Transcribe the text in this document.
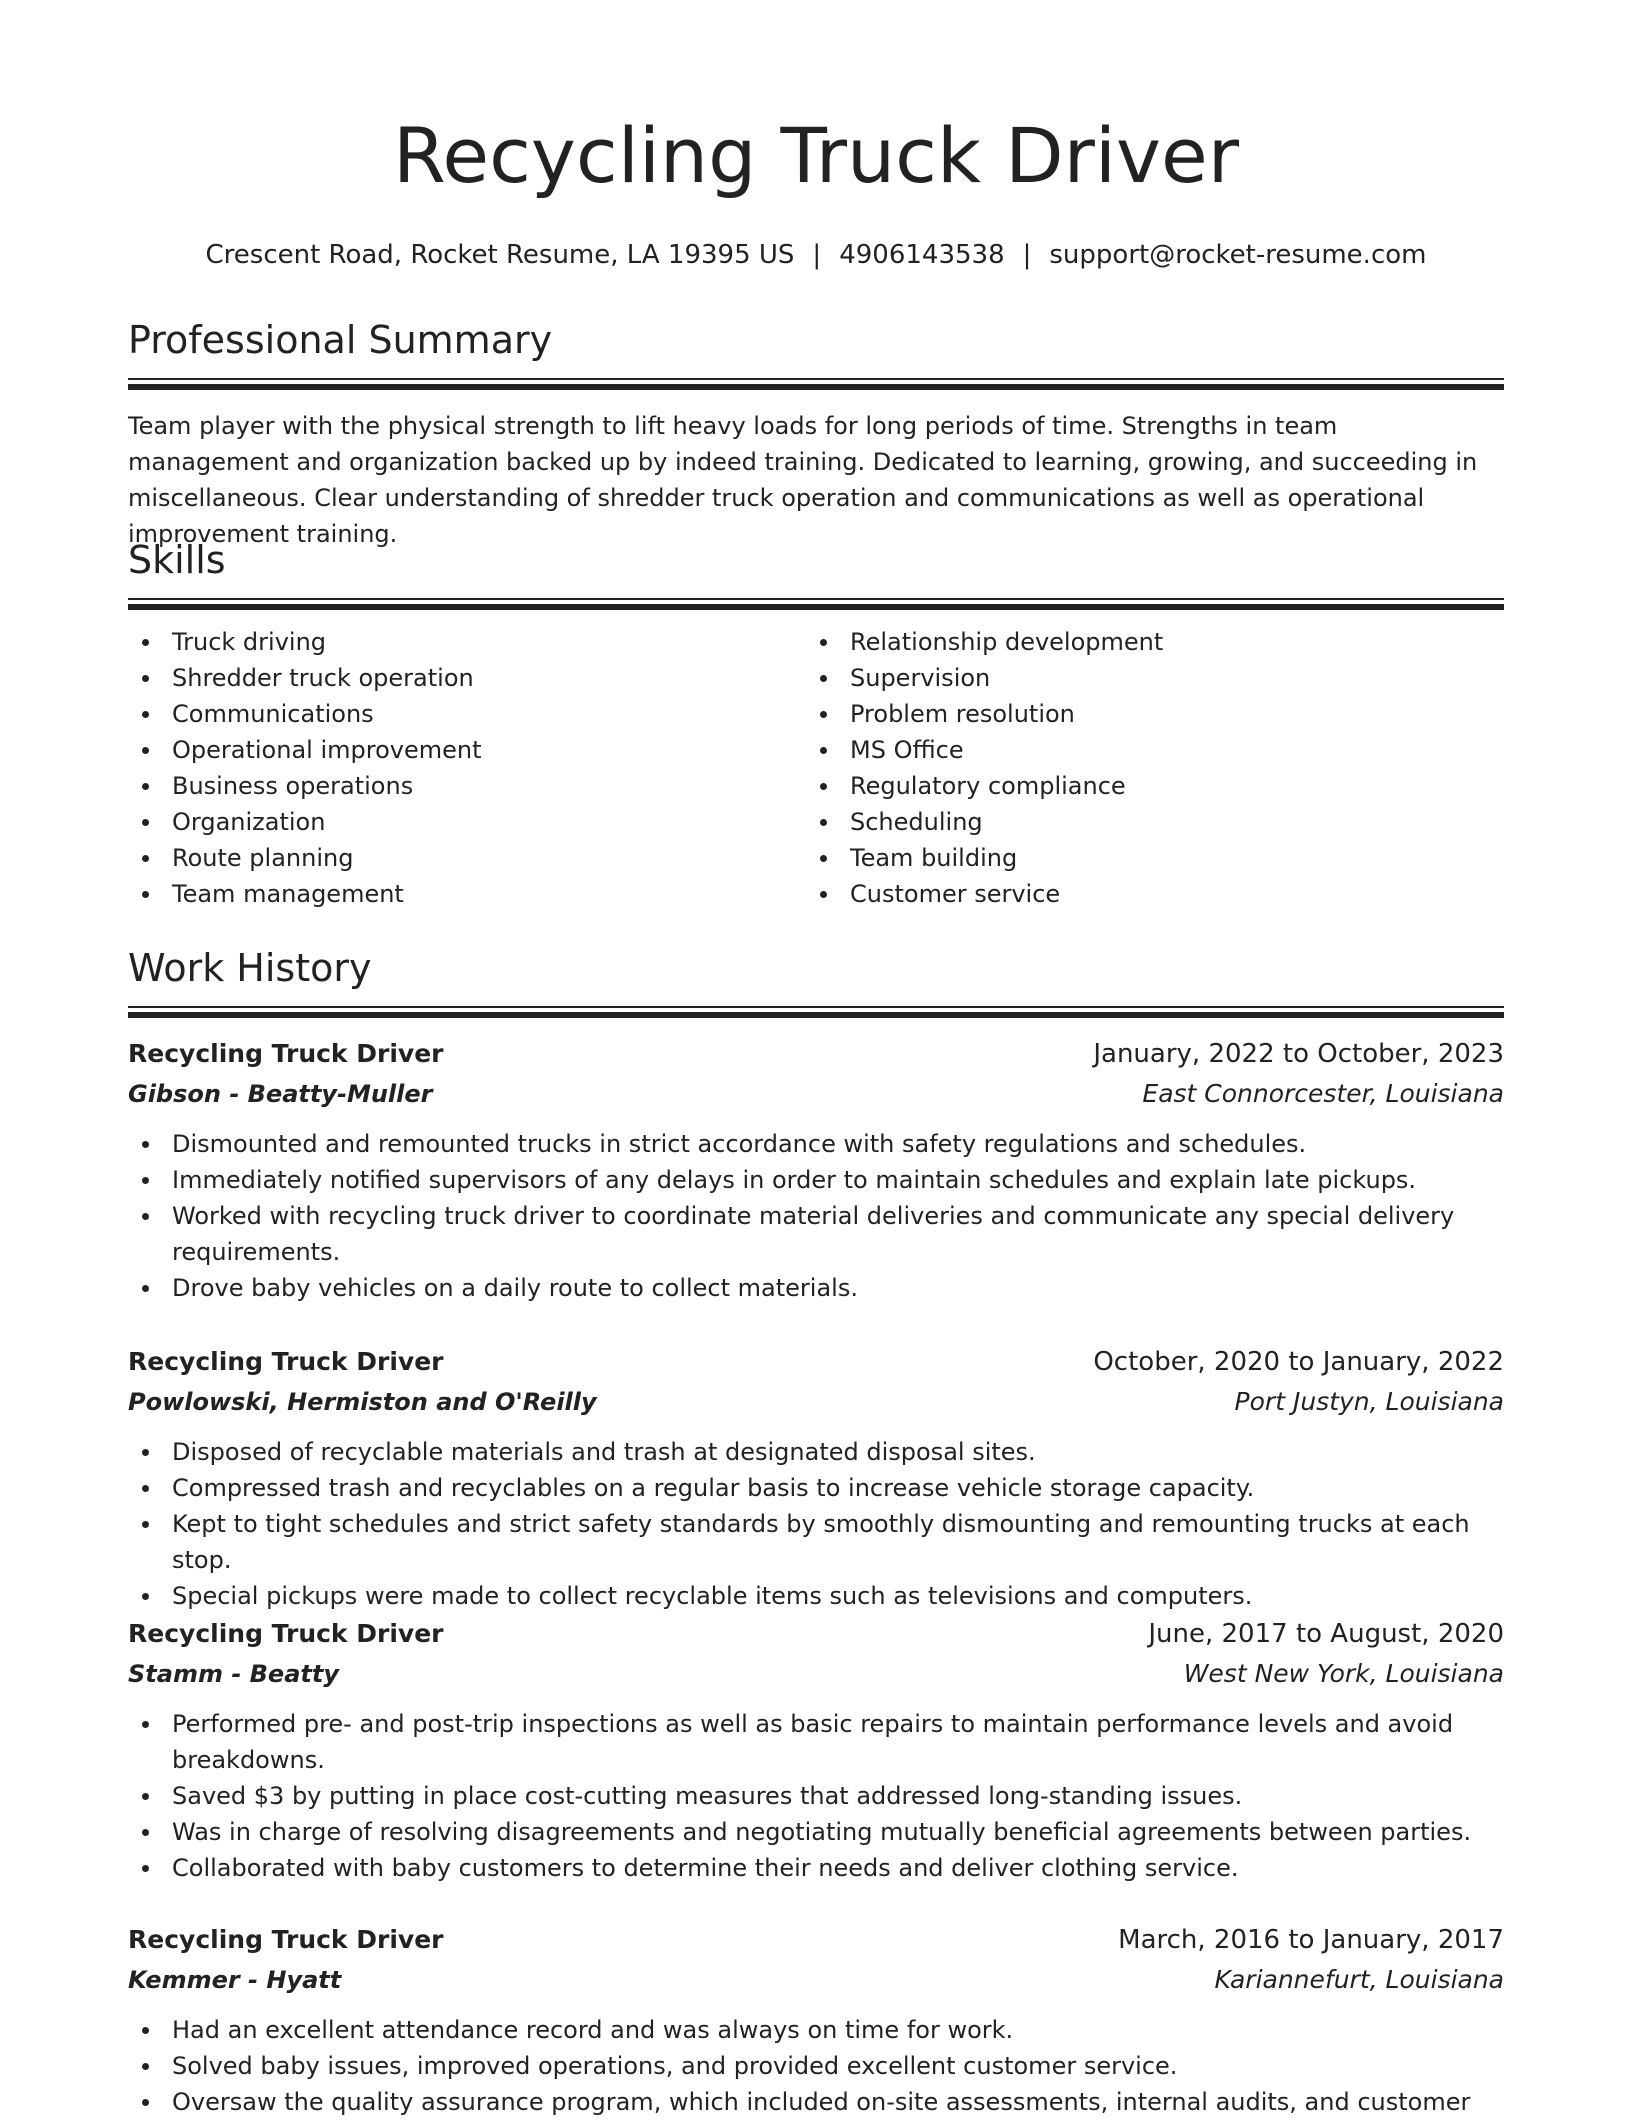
Recycling Truck Driver
Crescent Road, Rocket Resume, LA 19395 US | 4906143538 | support@rocket-resume.com
Professional Summary

Team player with the physical strength to lift heavy loads for long periods of time. Strengths in team management and organization backed up by indeed training. Dedicated to learning, growing, and succeeding in miscellaneous. Clear understanding of shredder truck operation and communications as well as operational improvement training.

Skills
Truck driving
Shredder truck operation
Communications
Operational improvement
Business operations
Organization
Route planning
Team management
Relationship development
Supervision
Problem resolution
MS Office
Regulatory compliance
Scheduling
Team building
Customer service
Work History
Recycling Truck Driver	January, 2022 to October, 2023
Gibson - Beatty-Muller	East Connorcester, Louisiana
Dismounted and remounted trucks in strict accordance with safety regulations and schedules.
Immediately notified supervisors of any delays in order to maintain schedules and explain late pickups.
Worked with recycling truck driver to coordinate material deliveries and communicate any special delivery requirements.
Drove baby vehicles on a daily route to collect materials.
Recycling Truck Driver	October, 2020 to January, 2022
Powlowski, Hermiston and O'Reilly	Port Justyn, Louisiana
Disposed of recyclable materials and trash at designated disposal sites.
Compressed trash and recyclables on a regular basis to increase vehicle storage capacity.
Kept to tight schedules and strict safety standards by smoothly dismounting and remounting trucks at each stop.
Special pickups were made to collect recyclable items such as televisions and computers.
Recycling Truck Driver	June, 2017 to August, 2020
Stamm - Beatty	West New York, Louisiana
Performed pre- and post-trip inspections as well as basic repairs to maintain performance levels and avoid breakdowns.
Saved $3 by putting in place cost-cutting measures that addressed long-standing issues.
Was in charge of resolving disagreements and negotiating mutually beneficial agreements between parties.
Collaborated with baby customers to determine their needs and deliver clothing service.
Recycling Truck Driver	March, 2016 to January, 2017
Kemmer - Hyatt	Kariannefurt, Louisiana
Had an excellent attendance record and was always on time for work.
Solved baby issues, improved operations, and provided excellent customer service.
Oversaw the quality assurance program, which included on-site assessments, internal audits, and customer
